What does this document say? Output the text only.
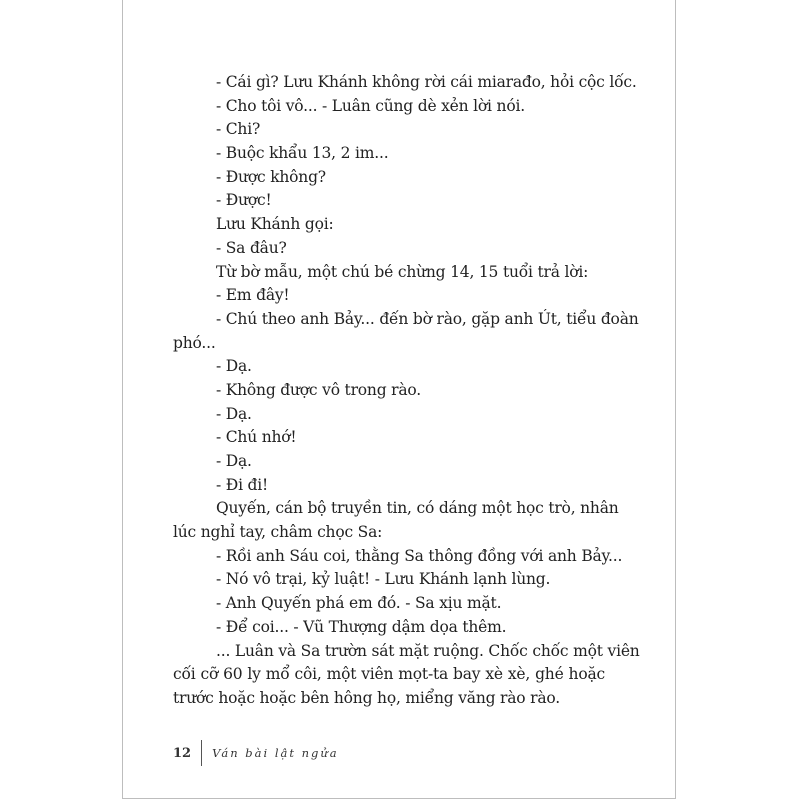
- Cái gì? Lưu Khánh không rời cái miarađo, hỏi cộc lốc.
- Cho tôi vô... - Luân cũng dè xẻn lời nói.
- Chi?
- Buộc khẩu 13, 2 im...
- Được không?
- Được!
Lưu Khánh gọi:
- Sa đâu?
Từ bờ mẫu, một chú bé chừng 14, 15 tuổi trả lời:
- Em đây!
- Chú theo anh Bảy... đến bờ rào, gặp anh Út, tiểu đoàn
phó...
- Dạ.
- Không được vô trong rào.
- Dạ.
- Chú nhớ!
- Dạ.
- Đi đi!
Quyến, cán bộ truyền tin, có dáng một học trò, nhân
lúc nghỉ tay, châm chọc Sa:
- Rồi anh Sáu coi, thằng Sa thông đồng với anh Bảy...
- Nó vô trại, kỷ luật! - Lưu Khánh lạnh lùng.
- Anh Quyến phá em đó. - Sa xịu mặt.
- Để coi... - Vũ Thượng dậm dọa thêm.
... Luân và Sa trườn sát mặt ruộng. Chốc chốc một viên
cối cỡ 60 ly mổ côi, một viên mọt-ta bay xè xè, ghé hoặc
trước hoặc hoặc bên hông họ, miểng văng rào rào.
12 Ván bài lật ngửa
